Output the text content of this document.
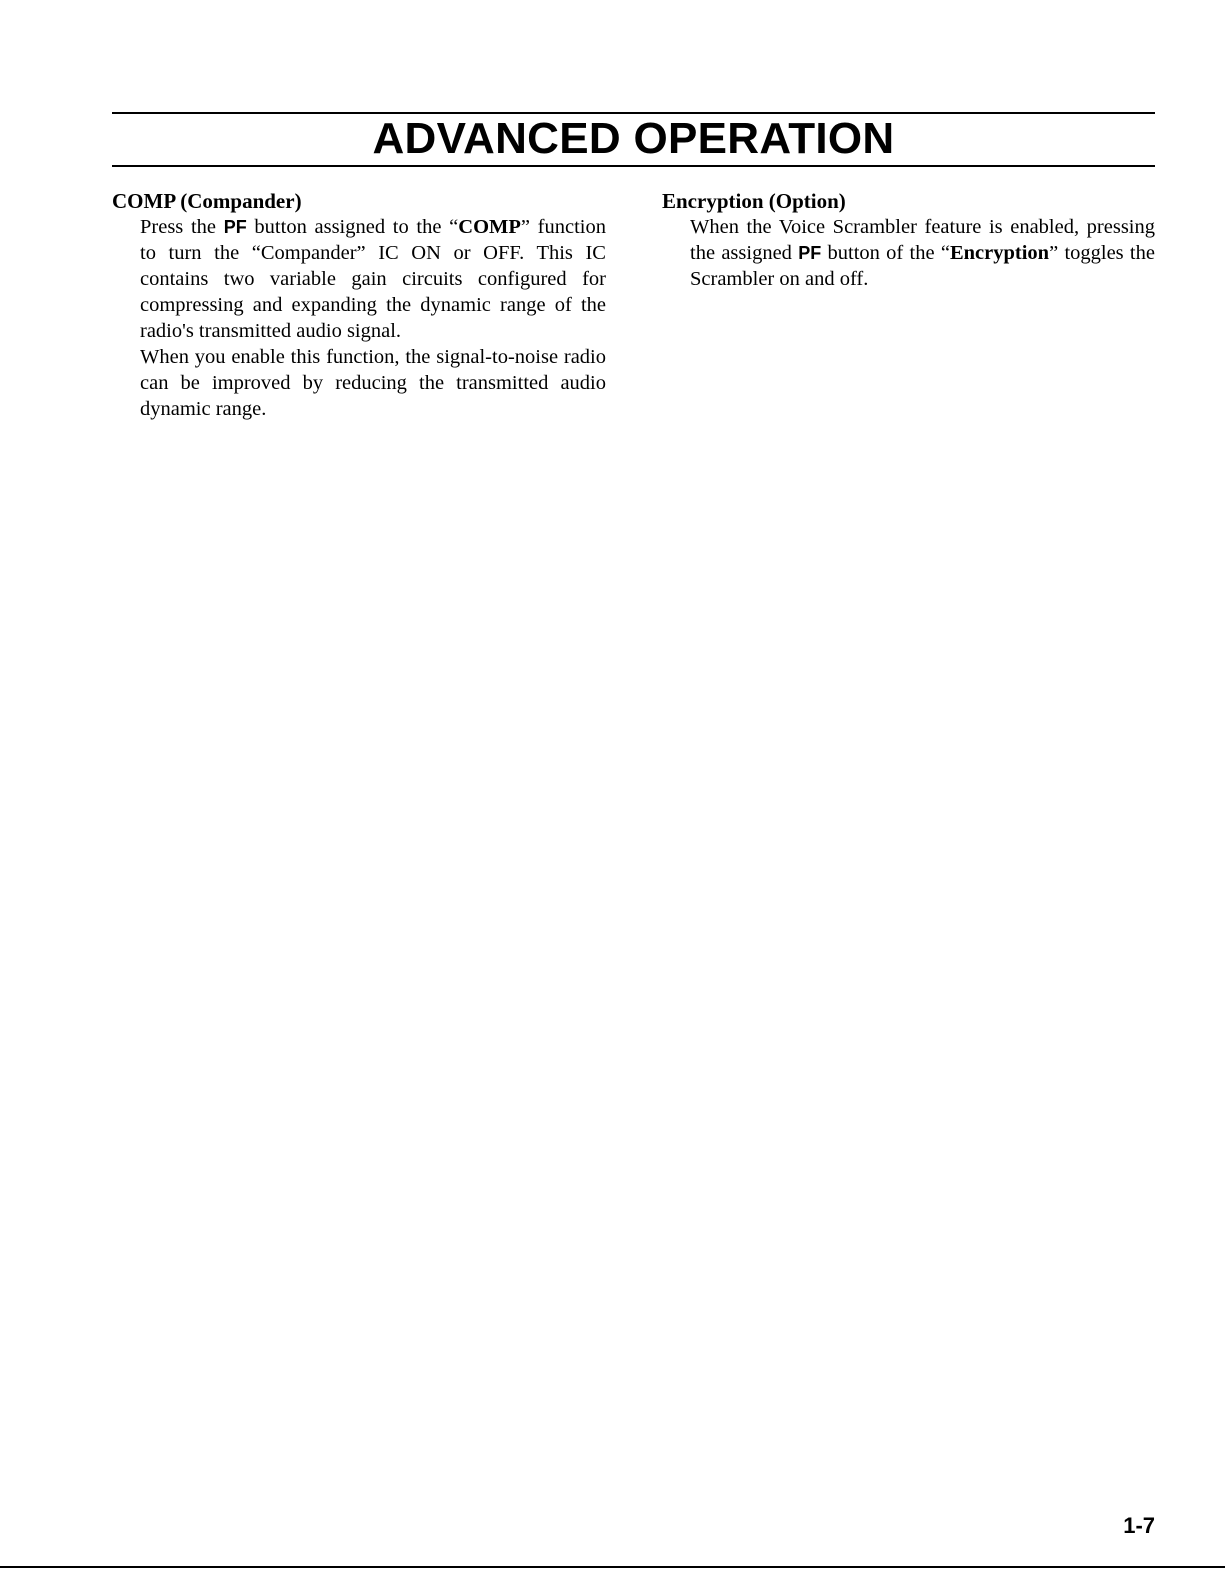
ADVANCED OPERATION

COMP (Compander)

Press the PF button assigned to the “COMP” function to turn the “Compander” IC ON or OFF. This IC contains two variable gain circuits configured for compressing and expanding the dynamic range of the radio's transmitted audio signal.

When you enable this function, the signal-to-noise radio can be improved by reducing the transmitted audio dynamic range.

Encryption (Option)

When the Voice Scrambler feature is enabled, pressing the assigned PF button of the “Encryption” toggles the Scrambler on and off.

1-7
